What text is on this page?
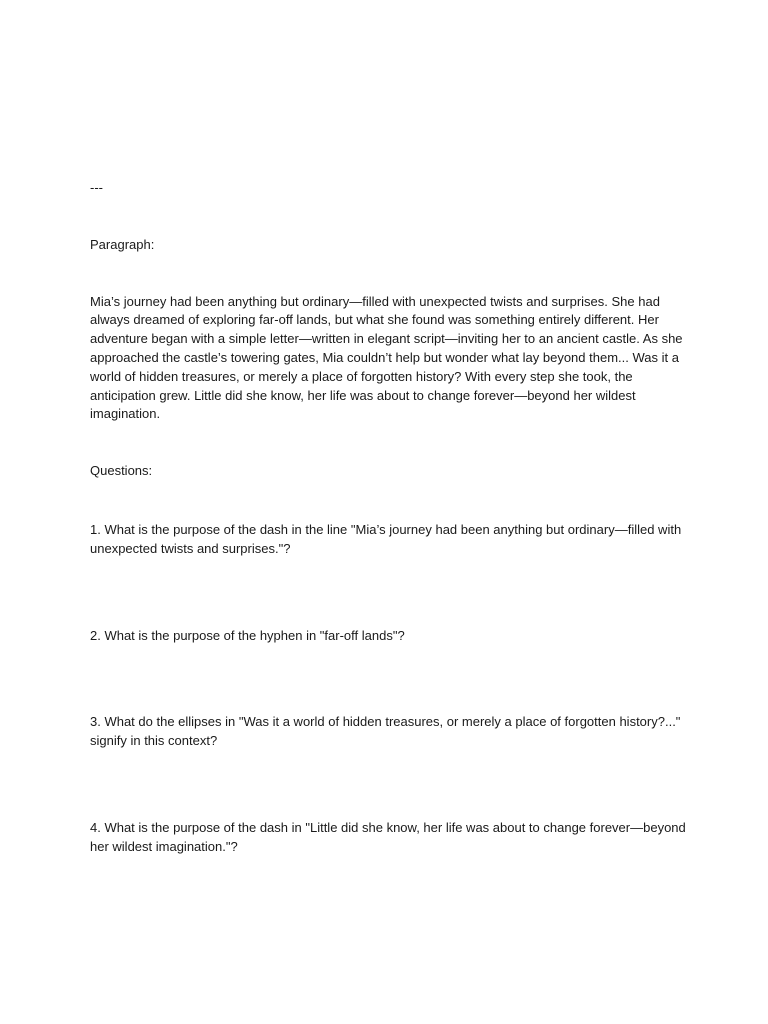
---

Paragraph:

Mia’s journey had been anything but ordinary—filled with unexpected twists and surprises. She had always dreamed of exploring far-off lands, but what she found was something entirely different. Her adventure began with a simple letter—written in elegant script—inviting her to an ancient castle. As she approached the castle’s towering gates, Mia couldn’t help but wonder what lay beyond them... Was it a world of hidden treasures, or merely a place of forgotten history? With every step she took, the anticipation grew. Little did she know, her life was about to change forever—beyond her wildest imagination.

Questions:

1. What is the purpose of the dash in the line "Mia’s journey had been anything but ordinary—filled with unexpected twists and surprises."?

2. What is the purpose of the hyphen in "far-off lands"?

3. What do the ellipses in "Was it a world of hidden treasures, or merely a place of forgotten history?..." signify in this context?

4. What is the purpose of the dash in "Little did she know, her life was about to change forever—beyond her wildest imagination."?
